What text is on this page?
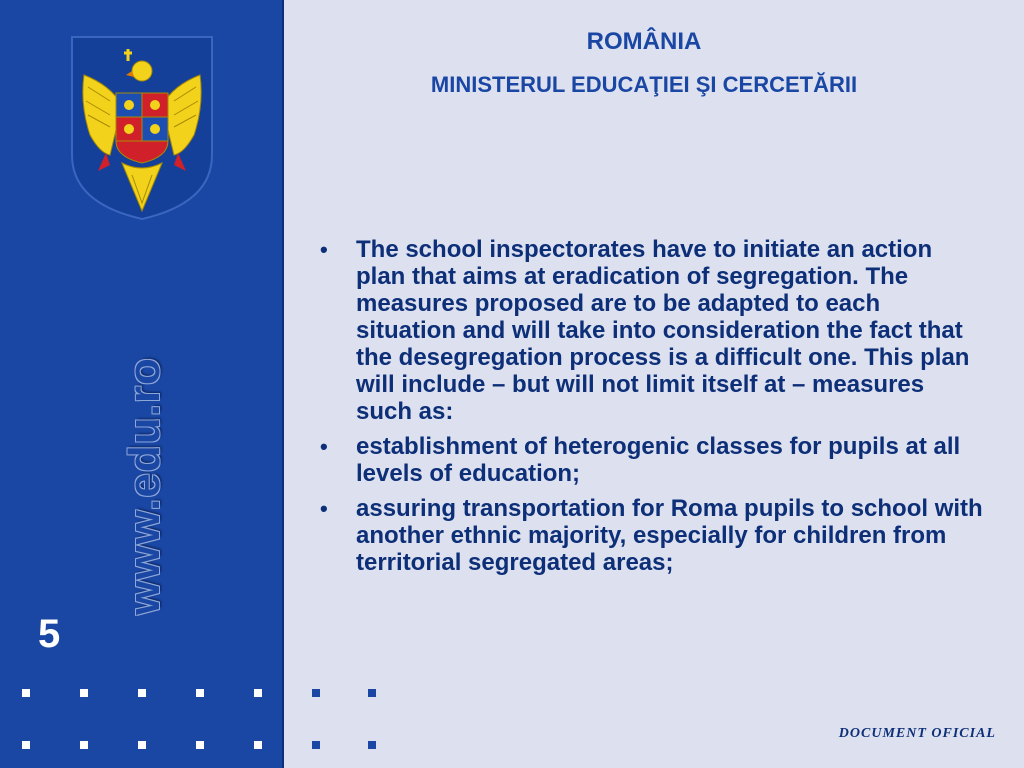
www.edu.ro
5
ROMÂNIA
MINISTERUL EDUCAŢIEI ŞI CERCETĂRII
• The school inspectorates have to initiate an action plan that aims at eradication of segregation. The measures proposed are to be adapted to each situation and will take into consideration the fact that the desegregation process is a difficult one. This plan will include – but will not limit itself at – measures such as:
• establishment of heterogenic classes for pupils at all levels of education;
• assuring transportation for Roma pupils to school with another ethnic majority, especially for children from territorial segregated areas;
DOCUMENT OFICIAL
